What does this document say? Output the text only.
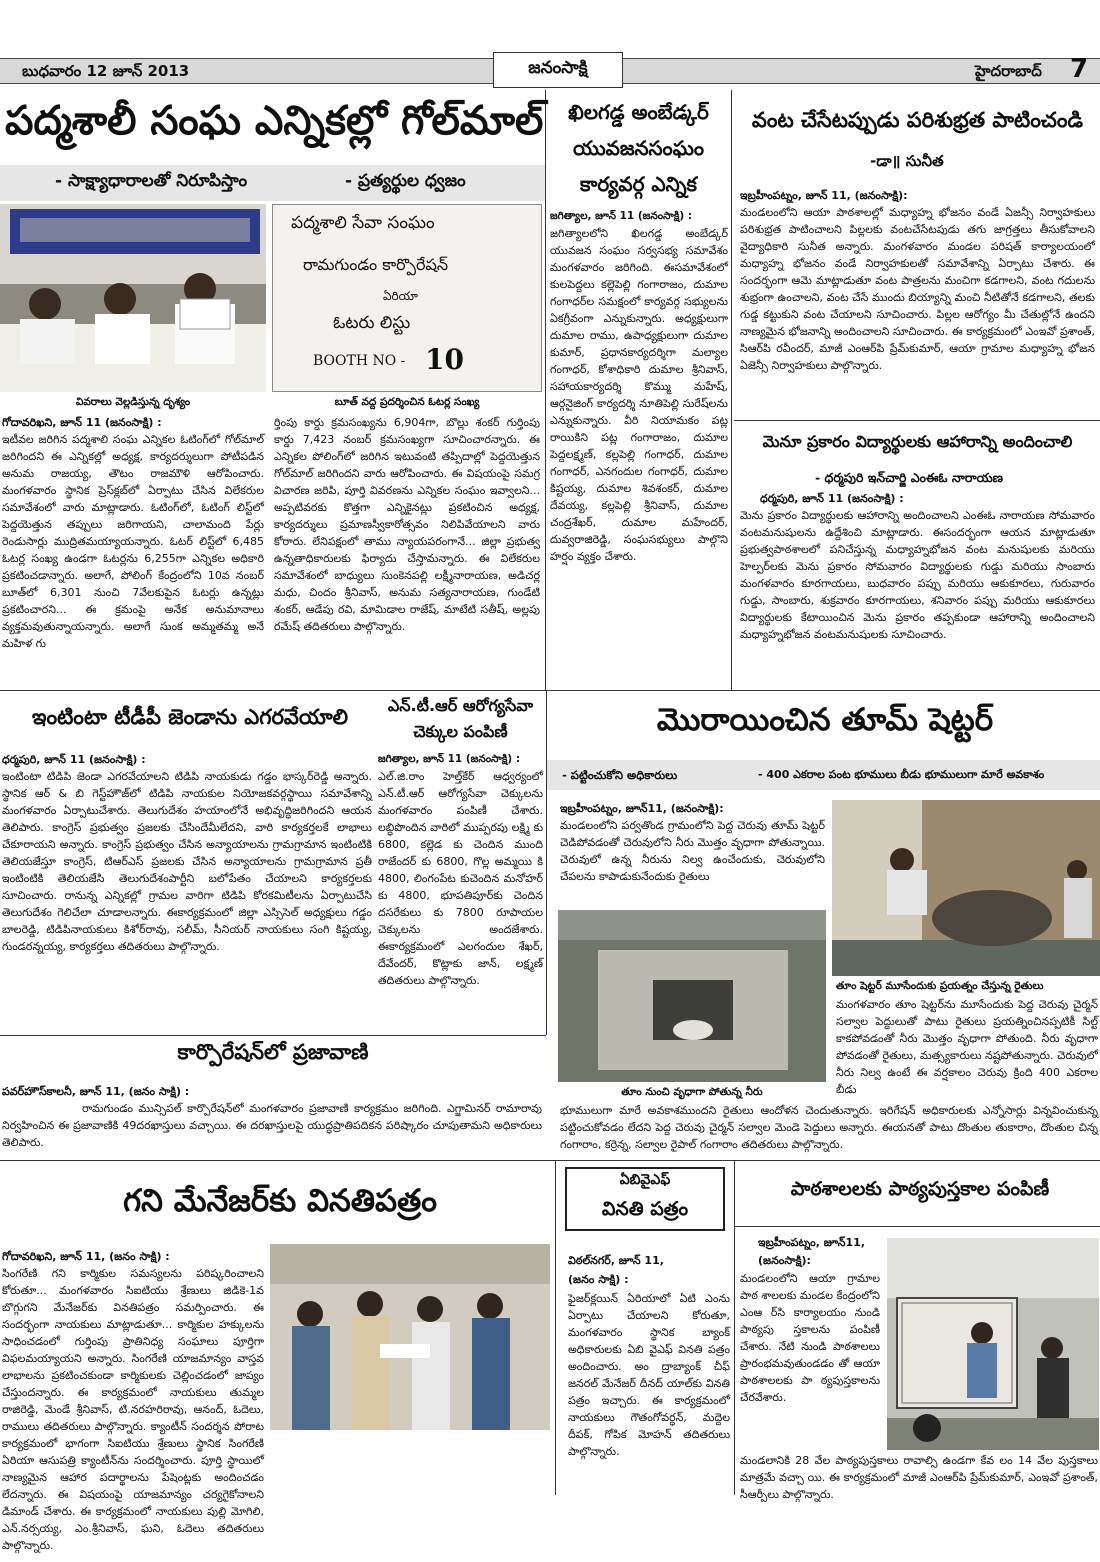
బుధవారం 12 జూన్ 2013	జనంసాక్షి	హైదరాబాద్ 7
పద్మశాలీ సంఘ ఎన్నికల్లో గోల్‌మాల్
- సాక్ష్యాధారాలతో నిరూపిస్తాం	- ప్రత్యర్థుల ధ్వజం
పద్మశాలి సేవా సంఘం
రామగుండం కార్పొరేషన్
ఏరియా
ఓటరు లిస్టు
BOOTH NO - 10
వివరాలు వెల్లడిస్తున్న దృశ్యం	బూత్ వద్ద ప్రదర్శించిన ఓటర్ల సంఖ్య
గోదావరిఖని, జూన్ 11 (జనంసాక్షి) :
ఇటీవల జరిగిన పద్మశాలి సంఘ ఎన్నికల ఓటింగ్‌లో గోల్‌మాల్ జరిగిందని ఈ ఎన్నికల్లో అధ్యక్ష, కార్యదర్శులుగా పోటీపడిన అనుమ రాజయ్య, తౌటం రాజమౌళి ఆరోపించారు. మంగళవారం స్థానిక ప్రెస్‌క్లబ్‌లో ఏర్పాటు చేసిన విలేకరుల సమావేశంలో వారు మాట్లాడారు. ఓటింగ్‌లో, ఓటింగ్ లిస్ట్‌లో పెద్దయెత్తున తప్పులు జరిగాయని, చాలామంది పేర్లు రెండుసార్లు ముద్రితమయ్యాయన్నారు. ఓటర్ లిస్ట్‌లో 6,485 ఓటర్ల సంఖ్య ఉండగా ఓటర్లను 6,255గా ఎన్నికల అధికారి ప్రకటించడాన్నారు. అలాగే, పోలింగ్ కేంద్రంలోని 10వ నంబర్ బూత్‌లో 6,301 నుంచి 7వేలకుపైన ఓటర్లు ఉన్నట్లు ప్రకటించారని... ఈ క్రమంపై అనేక అనుమానాలు వ్యక్తమవుతున్నాయన్నారు. అలాగే సుంక అమ్మతమ్మ అనే మహిళ గు
ర్తింపు కార్డు క్రమసంఖ్యను 6,904గా, బొల్లు శంకర్ గుర్తింపు కార్డు 7,423 నంబర్ క్రమసంఖ్యగా సూచించారన్నారు. ఈ ఎన్నికల పోలింగ్‌లో జరిగిన ఇటువంటి తప్పిదాల్లో పెద్దయెత్తున గోల్‌మాల్ జరిగిందని వారు ఆరోపించారు. ఈ విషయంపై సమగ్ర విచారణ జరిపి, పూర్తి వివరణను ఎన్నికల సంఘం ఇవ్వాలని... అప్పటివరకు కొత్తగా ఎన్నికైనట్లు ప్రకటించిన అధ్యక్ష, కార్యదర్శులు ప్రమాణస్వీకారోత్సవం నిలిపివేయాలని వారు కోరారు. లేనిపక్షంలో తాము న్యాయపరంగానే... జిల్లా ప్రభుత్వ ఉన్నతాధికారులకు ఫిర్యాదు చేస్తామన్నారు. ఈ విలేకరుల సమావేశంలో బాధ్యులు సుంకెనపల్లి లక్ష్మీనారాయణ, అడిచర్ల మధు, చిందం శ్రీనివాస్, అనుమ సత్యనారాయణ, గుండేటి శంకర్, ఆడేపు రవి, మామిడాల రాజేష్, మాటేటి సతీష్, అల్లపు రమేష్ తదితరులు పాల్గొన్నారు.
ఖిలగడ్డ అంబేడ్కర్
యువజనసంఘం
కార్యవర్గ ఎన్నిక
జగిత్యాల, జూన్ 11 (జనంసాక్షి) :
జగిత్యాలలోని ఖిలగడ్డ అంబేడ్కర్ యువజన సంఘం సర్వసభ్య సమావేశం మంగళవారం జరిగింది. ఈసమావేశంలో కులపెద్దలు కల్లెపెల్లి గంగారాజం, దుమాల గంగాధర్‌ల సమక్షంలో కార్యవర్గ సభ్యులను ఏకగ్రీవంగా ఎన్నుకున్నారు. అధ్యక్షులుగా దుమాల రాము, ఉపాధ్యక్షులుగా దుమాల కుమార్, ప్రధానకార్యదర్శిగా మల్యాల గంగాధర్, కోశాధికారి దుమాల శ్రీనివాస్, సహాయకార్యదర్శి కొమ్ము మహేష్, ఆర్గనైజింగ్ కార్యదర్శి నూతిపెల్లి సురేష్‌లను ఎన్నుకున్నారు. వీరి నియామకం పట్ల రాయికిని పట్ల గంగారాజం, దుమాల పెద్దలక్ష్మణ్, కల్లపెల్లి గంగాధర్, దుమాల గంగాధర్, ఎనగందుల గంగాధర్, దుమాల కిష్టయ్య, దుమాల శివశంకర్, దుమాల దేవయ్య, కల్లపెల్లి శ్రీనివాస్, దుమాల చంద్రశేఖర్, దుమాల మహేందర్, దువ్వరాజిరెడ్డి, సంఘసభ్యులు పాల్గొని హర్షం వ్యక్తం చేశారు.
వంట చేసేటప్పుడు పరిశుభ్రత పాటించండి
-డా॥ సునీత
ఇబ్రహీంపట్నం, జూన్ 11, (జనంసాక్షి):
మండలంలోని ఆయా పాఠశాలల్లో మధ్యాహ్న భోజనం వండే ఏజన్సీ నిర్వాహకులు పరిశుభ్రత పాటించాలని పిల్లలకు వంటచేసేటపుడు తగు జాగ్రత్తలు తీసుకోవాలని వైద్యాధికారి సునీత అన్నారు. మంగళవారం మండల పరిషత్ కార్యాలయంలో మధ్యాహ్న భోజనం వండే నిర్వాహకులతో సమావేశాన్ని ఏర్పాటు చేశారు. ఈ సందర్భంగా ఆమె మాట్లాడుతూ వంట పాత్రలను మంచిగా కడగాలని, వంట గదులను శుభ్రంగా ఉంచాలని, వంట చేసే ముందు బియ్యాన్ని మంచి నీటితోనే కడగాలని, తలకు గుడ్డ కట్టుకుని వంట చేయాలని సూచించారు. పిల్లల ఆరోగ్యం మీ చేతుల్లోనే ఉందని నాణ్యమైన భోజనాన్ని అందించాలని సూచించారు. ఈ కార్యక్రమంలో ఎంఇవో ప్రశాంత్, సిఆర్‌పి రవీందర్, మాజీ ఎంఆర్‌పి ప్రేమ్‌కుమార్, ఆయా గ్రామాల మధ్యాహ్న భోజన ఏజెన్సీ నిర్వాహకులు పాల్గొన్నారు.
మెనూ ప్రకారం విద్యార్థులకు ఆహారాన్ని అందించాలి
- ధర్మపురి ఇన్‌చార్జి ఎంఈఓ నారాయణ
ధర్మపురి, జూన్ 11 (జనంసాక్షి) :
మెను ప్రకారం విద్యార్థులకు ఆహారాన్ని అందించాలని ఎంఈఓ నారాయణ సోమవారం వంటమనుషులను ఉద్దేశించి మాట్లాడారు. ఈసందర్భంగా ఆయన మాట్లాడుతూ ప్రభుత్వపాఠశాలలో పనిచేస్తున్న మధ్యాహ్నభోజన వంట మనుషులకు మరియు హెల్పర్‌లకు మెను ప్రకారం సోమవారం విద్యార్థులకు గుడ్డు మరియు సాంబారు మంగళవారం కూరగాయలు, బుధవారం పప్పు మరియు ఆకుకూరలు, గురువారం గుడ్డు, సాంబారు, శుక్రవారం కూరగాయలు, శనివారం పప్పు మరియు ఆకుకూరలు విద్యార్థులకు కేటాయించిన మెను ప్రకారం తప్పకుండా ఆహారాన్ని అందించాలని మధ్యాహ్నభోజన వంటమనుషులకు సూచించారు.
ఇంటింటా టీడీపీ జెండాను ఎగరవేయాలి
ధర్మపురి, జూన్ 11 (జనంసాక్షి) :
ఇంటింటా టిడిపి జెండా ఎగరవేయాలని టిడిపి నాయకుడు గడ్డం భాస్కర్‌రెడ్డి అన్నారు. స్థానిక ఆర్‌ & బి గెస్ట్‌హౌజ్‌లో టిడిపి నాయకుల నియోజకవర్గస్థాయి సమావేశాన్ని మంగళవారం ఏర్పాటుచేశారు. తెలుగుదేశం హయాంలోనే అభివృద్ధిజరిగిందని ఆయన తెలిపారు. కాంగ్రెస్ ప్రభుత్వం ప్రజలకు చేసిందేమీలేదని, వారి కార్యకర్తలకే లాభాలు చేకూరాయని అన్నారు. కాంగ్రెస్ ప్రభుత్వం చేసిన అన్యాయాలను గ్రామగ్రామాన ఇంటింటికి తెలియజేస్తూ కాంగ్రెస్, టిఆర్‌ఎస్ ప్రజలకు చేసిన అన్యాయాలను గ్రామగ్రామాన ప్రతీ ఇంటింటికి తెలియజేసి తెలుగుదేశంపార్టీని బలోపేతం చేయాలని కార్యకర్తలకు సూచించారు. రానున్న ఎన్నికల్లో గ్రామల వారిగా టిడిపి కోరకమిటీలను ఏర్పాటుచేసి తెలుగుదేశం గెలిచేలా చూడాలన్నారు. ఈకార్యక్రమంలో జిల్లా ఎస్సిసెల్ అధ్యక్షులు గడ్డం బాలరెడ్డి, టిడిపినాయకులు కిశోర్‌రావు, సలీమ్, సీనియర్ నాయకులు సంగి కిష్టయ్య, గుండరన్నయ్య, కార్యకర్తలు తదితరులు పాల్గొన్నారు.
ఎన్.టీ.ఆర్ ఆరోగ్యసేవా
చెక్కుల పంపిణీ
జగిత్యాల, జూన్ 11 (జనంసాక్షి) :
ఎల్.జి.రాం హెల్త్‌కేర్ ఆధ్వర్యంలో ఎన్.టీ.ఆర్ ఆరోగ్యసేవా చెక్కులను మంగళవారం పంపిణీ చేశారు. లబ్ధిపొందిన వారిలో ముప్పరపు లక్ష్మి కు 6800, కల్లెడ కు చెందిన ముంది రాజేందర్ కు 6800, గొల్ల అమ్మయి కి 4800, లింగంపేట కుచెందిన మనోహర్ కు 4800, భూపతిపూర్‌కు చెందిన దసరేకులు కు 7800 రూపాయల చెక్కులను అందజేశారు. ఈకార్యక్రమంలో ఎలగందుల శేఖర్, దేవేందర్, కొట్లాకు జాన్, లక్ష్మణ్ తదితరులు పాల్గొన్నారు.
కార్పొరేషన్‌లో ప్రజావాణి
పవర్‌హౌస్‌కాలనీ, జూన్ 11, (జనం సాక్షి) :
రామగుండం మున్సిపల్ కార్పొరేషన్‌లో మంగళవారం ప్రజావాణి కార్యక్రమం జరిగింది. ఎగ్జామినర్ రామారావు నిర్వహించిన ఈ ప్రజావాణికి 49దరఖాస్తులు వచ్చాయి. ఈ దరఖాస్తులపై యుద్ధప్రాతిపదికన పరిష్కారం చూపుతామని అధికారులు తెలిపారు.
మొరాయించిన తూమ్ షెట్టర్
- పట్టించుకోని అధికారులు	- 400 ఎకరాల పంట భూములు బీడు భూములుగా మారే అవకాశం
ఇబ్రహీంపట్నం, జూన్11, (జనంసాక్షి):
మండలంలోని పర్వతొండ గ్రామంలోని పెద్ద చెరువు తూమ్ షెట్టర్ చెడిపోవడంతో చెరువులోని నీరు మొత్తం వృధాగా పోతున్నాయి. చెరువులో ఉన్న నీరును నిల్వ ఉంచేందుకు, చెరువులోని చేపలను కాపాడుకునేందుకు రైతులు
తూం నుంచి వృధాగా పోతున్న నీరు
తూం షెట్టర్ మూసేందుకు ప్రయత్నం చేస్తున్న రైతులు
మంగళవారం తూం షెట్టర్‌ను మూసేందుకు పెద్ద చెరువు చైర్మన్ సల్వాల పెద్దులుతో పాటు రైతులు ప్రయత్నించినప్పటికీ సిల్ట్ కాకపోవడంతో నీరు మొత్తం వృధాగా పోతుంది. నీరు వృధాగా పోవడంతో రైతులు, మత్స్యకారులు నష్టపోతున్నారు. చెరువులో నీరు నిల్వ ఉంటే ఈ వర్షకాలం చెరువు క్రింది 400 ఎకరాల బీడు
భూములుగా మారే అవకాశముందని రైతులు ఆందోళన చెందుతున్నారు. ఇరిగేషన్ అధికారులకు ఎన్నోసార్లు విన్నవించుకున్న పట్టించుకోవడం లేదని పెద్ద చెరువు చైర్మన్ సల్వాల మెండె పెద్దులు అన్నారు. ఈయనతో పాటు దొంతుల తుకారాం, దొంతుల చిన్న గంగారాం, కర్రెన్న, సల్వాల రైపాల్ గంగారాం తదితరులు పాల్గొన్నారు.
గని మేనేజర్‌కు వినతిపత్రం
గోదావరిఖని, జూన్ 11, (జనం సాక్షి) :
సింగరేణి గని కార్మికుల సమస్యలను పరిష్కరించాలని కోరుతూ... మంగళవారం సిఐటియు శ్రేణులు జిడికె-1వ బొగ్గుగని మేనేజర్‌కు వినతిపత్రం సమర్పించారు. ఈ సందర్భంగా నాయకులు మాట్లాడుతూ... కార్మికుల హక్కులను సాధించడంలో గుర్తింపు ప్రాతినిధ్య సంఘాలు పూర్తిగా విఫలమయ్యాయని అన్నారు. సింగరేణి యాజమాన్యం వాస్తవ లాభాలను ప్రకటించకుండా కార్మికులకు చెల్లించడంలో జాప్యం చేస్తుందన్నారు. ఈ కార్యక్రమంలో నాయకులు తుమ్మల రాజిరెడ్డి, మెండే శ్రీనివాస్, టి.నరహరిరావు, ఆనంద్, ఓదెలు, రాములు తదితరులు పాల్గొన్నారు. క్యాంటీన్ సందర్శన పోరాట కార్యక్రమంలో భాగంగా సిఐటియు శ్రేణులు స్థానిక సింగరేణి ఏరియా ఆసుపత్రి క్యాంటీన్‌ను సందర్శించారు. పూర్తి స్థాయిలో నాణ్యమైన ఆహార పదార్థాలను పేషెంట్లకు అందించడం లేదన్నారు. ఈ విషయంపై యాజమాన్యం చర్యగైకోనాలని డిమాండ్ చేశారు. ఈ కార్యక్రమంలో నాయకులు పుల్లి మోగిలి, ఎన్.నర్సయ్య, ఎం.శ్రీనివాస్, ఘని, ఓదెలు తదితరులు పాల్గొన్నారు.
ఏబివైఎఫ్
వినతి పత్రం
విఠల్‌నగర్, జూన్ 11,
(జనం సాక్షి) :
ఫైజర్‌క్లయిన్ ఏరియాలో ఏటి ఎంను ఏర్పాటు చేయాలని కోరుతూ, మంగళవారం స్థానిక బ్యాంక్ అధికారులకు ఏబి వైఎఫ్ వినతి పత్రం అందించారు. అం ద్రాబ్యాంక్ చీఫ్ జనరల్ మేనేజర్ దీనద్ యాల్‌కు వినతి పత్రం ఇచ్చారు. ఈ కార్యక్రమంలో నాయకులు గౌతంగోవర్ధన్, మద్దెల దీపక్, గోపిక మోహన్ తదితరులు పాల్గొన్నారు.
పాఠశాలలకు పాఠ్యపుస్తకాల పంపిణీ
ఇబ్రహీంపట్నం, జూన్11,
(జనంసాక్షి):
మండలంలోని ఆయా గ్రామాల పాఠ శాలలకు మండల కేంద్రంలోని ఎంఆ ర్‌సి కార్యాలయం నుండి పాఠ్యపు స్తకాలను పంపిణీ చేశారు. నేటి నుండి పాఠశాలలు ప్రారంభమవుతుండడం తో ఆయా పాఠశాలలకు పా ఠ్యపుస్తకాలను చేరవేశారు.
మండలానికి 28 వేల పాఠ్యపుస్తకాలు రావాల్సి ఉండగా కేవ లం 14 వేల పుస్తకాలు మాత్రమే వచ్చా యి. ఈ కార్యక్రమంలో మాజీ ఎంఆర్‌పి ప్రేమ్‌కుమార్, ఎంఇవో ప్రశాంత్, సీఆర్పీలు పాల్గొన్నారు.
